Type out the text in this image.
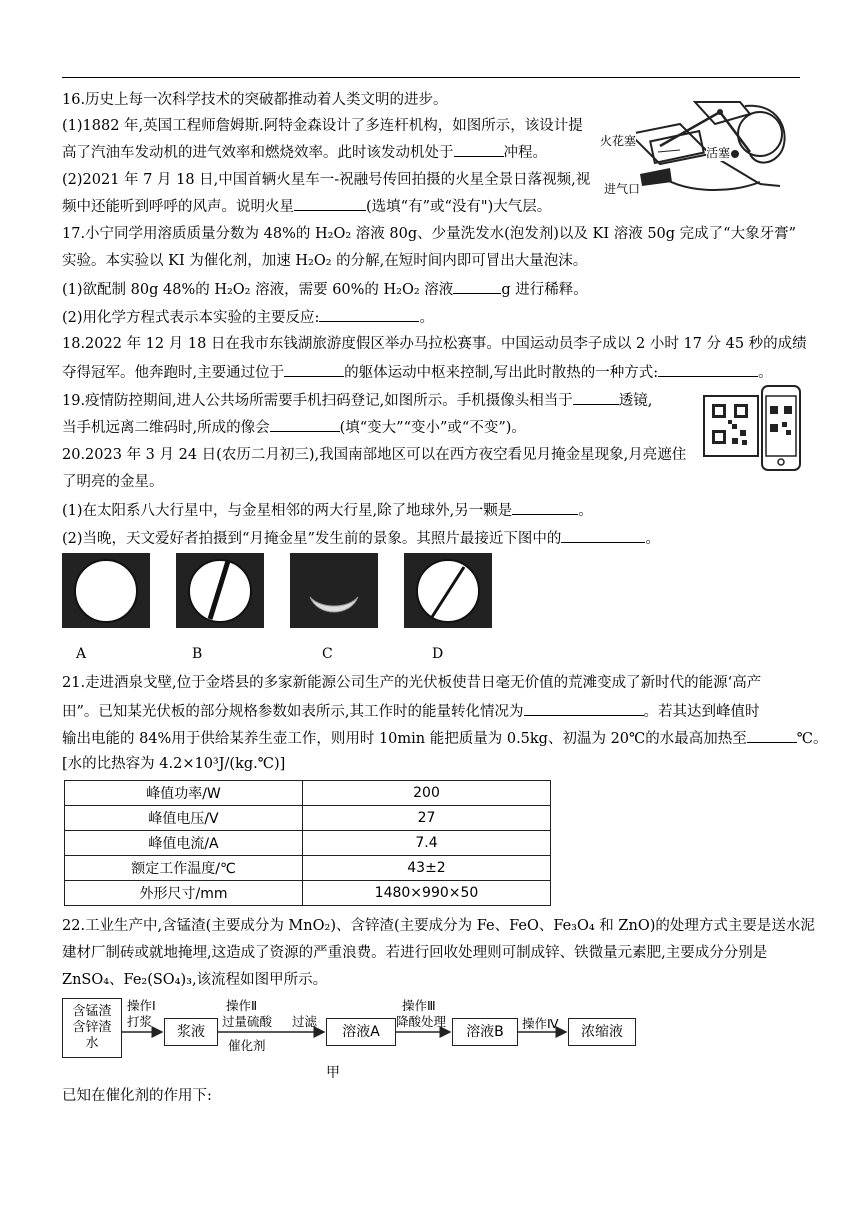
16.历史上每一次科学技术的突破都推动着人类文明的进步。
(1)1882 年,英国工程师詹姆斯.阿特金森设计了多连杆机构，如图所示，该设计提
高了汽油车发动机的进气效率和燃烧效率。此时该发动机处于	冲程。
(2)2021 年 7 月 18 日,中国首辆火星车一-祝融号传回拍摄的火星全景日落视频,视
频中还能听到呼呼的风声。说明火星	(选填“有”或“没有")大气层。
火花塞
活塞
进气口
17.小宁同学用溶质质量分数为 48%的 H₂O₂ 溶液 80g、少量洗发水(泡发剂)以及 KI 溶液 50g 完成了“大象牙膏”
实验。本实验以 KI 为催化剂，加速 H₂O₂ 的分解,在短时间内即可冒出大量泡沫。
(1)欲配制 80g 48%的 H₂O₂ 溶液，需要 60%的 H₂O₂ 溶液	g 进行稀释。
(2)用化学方程式表示本实验的主要反应:	。
18.2022 年 12 月 18 日在我市东钱湖旅游度假区举办马拉松赛事。中国运动员李子成以 2 小时 17 分 45 秒的成绩
夺得冠军。他奔跑时,主要通过位于	的躯体运动中枢来控制,写出此时散热的一种方式:	。
19.疫情防控期间,进人公共场所需要手机扫码登记,如图所示。手机摄像头相当于	透镜,
当手机远离二维码时,所成的像会	(填“变大”“变小”或“不变”)。
20.2023 年 3 月 24 日(农历二月初三),我国南部地区可以在西方夜空看见月掩金星现象,月亮遮住
了明亮的金星。
(1)在太阳系八大行星中，与金星相邻的两大行星,除了地球外,另一颗是	。
(2)当晚，天文爱好者拍摄到“月掩金星”发生前的景象。其照片最接近下图中的	。
A	B	C	D
21.走进酒泉戈壁,位于金塔县的多家新能源公司生产的光伏板使昔日毫无价值的荒滩变成了新时代的能源‘高产
田”。已知某光伏板的部分规格参数如表所示,其工作时的能量转化情况为	。若其达到峰值时
输出电能的 84%用于供给某养生壶工作，则用时 10min 能把质量为 0.5kg、初温为 20℃的水最高加热至	℃。
[水的比热容为 4.2×10³J/(kg.℃)]
峰值功率/W	200
峰值电压/V	27
峰值电流/A	7.4
额定工作温度/℃	43±2
外形尺寸/mm	1480×990×50
22.工业生产中,含锰渣(主要成分为 MnO₂)、含锌渣(主要成分为 Fe、FeO、Fe₃O₄ 和 ZnO)的处理方式主要是送水泥
建材厂制砖或就地掩埋,这造成了资源的严重浪费。若进行回收处理则可制成锌、铁微量元素肥,主要成分分别是
ZnSO₄、Fe₂(SO₄)₃,该流程如图甲所示。
含锰渣
含锌渣
水
浆液	溶液A	溶液B	浓缩液
操作Ⅰ
打浆
操作Ⅱ
过量硫酸
催化剂
过滤
操作Ⅲ
降酸处理	操作Ⅳ
甲
已知在催化剂的作用下:
